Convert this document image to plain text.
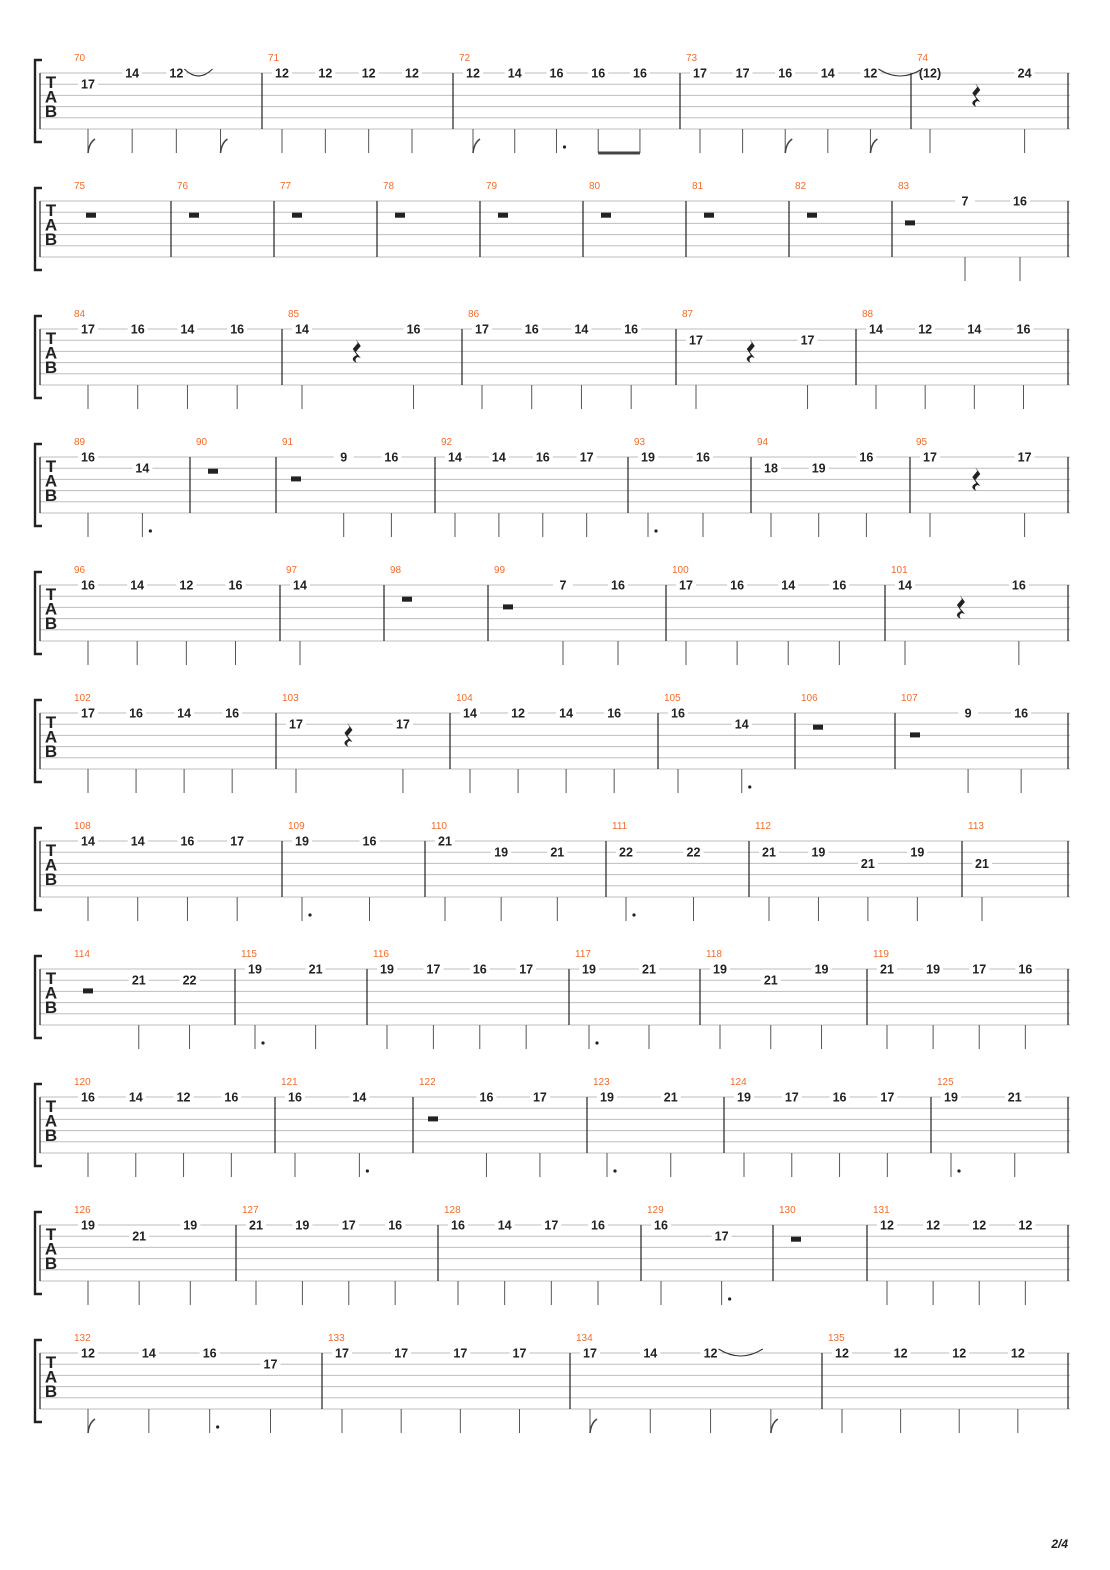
T
A
B
70
17
14 12
71
12 12 12 12
72
12 14 16 16 16
73
17 17 16 14 12
74
(12)	24
T
A
B
75	76	77	78	79	80	81	82	83
7	16
T
A
B
84
17	16	14	16
85
14	16
86
17	16	14	16
87
17	17
88
14	12	14	16
T
A
B
89
16
14
90	91
9	16
92
14 14 16 17
93
19	16
94
18	19
16
95
17	17
T
A
B
96
16	14	12	16
97
14
98	99
7	16
100
17	16	14	16
101
14	16
T
A
B
102
17	16	14	16
103
17	17
104
14	12	14	16
105
16
14
106	107
9	16
T
A
B
108
14	14	16	17
109
19	16
110
21
19	21
111
22	22
112
21	19
21
19
113
21
T
A
B
114
21	22
115
19	21
116
19	17	16	17
117
19	21
118
19
21
19
119
21	19	17	16
T
A
B
120
16	14	12	16
121
16	14
122
16	17
123
19	21
124
19	17	16	17
125
19	21
T
A
B
126
19
21
19
127
21	19	17	16
128
16	14	17	16
129
16
17
130	131
12	12	12	12
T
A
B
132
12	14	16
17
133
17	17	17	17
134
17	14	12
135
12	12	12	12
2/4
